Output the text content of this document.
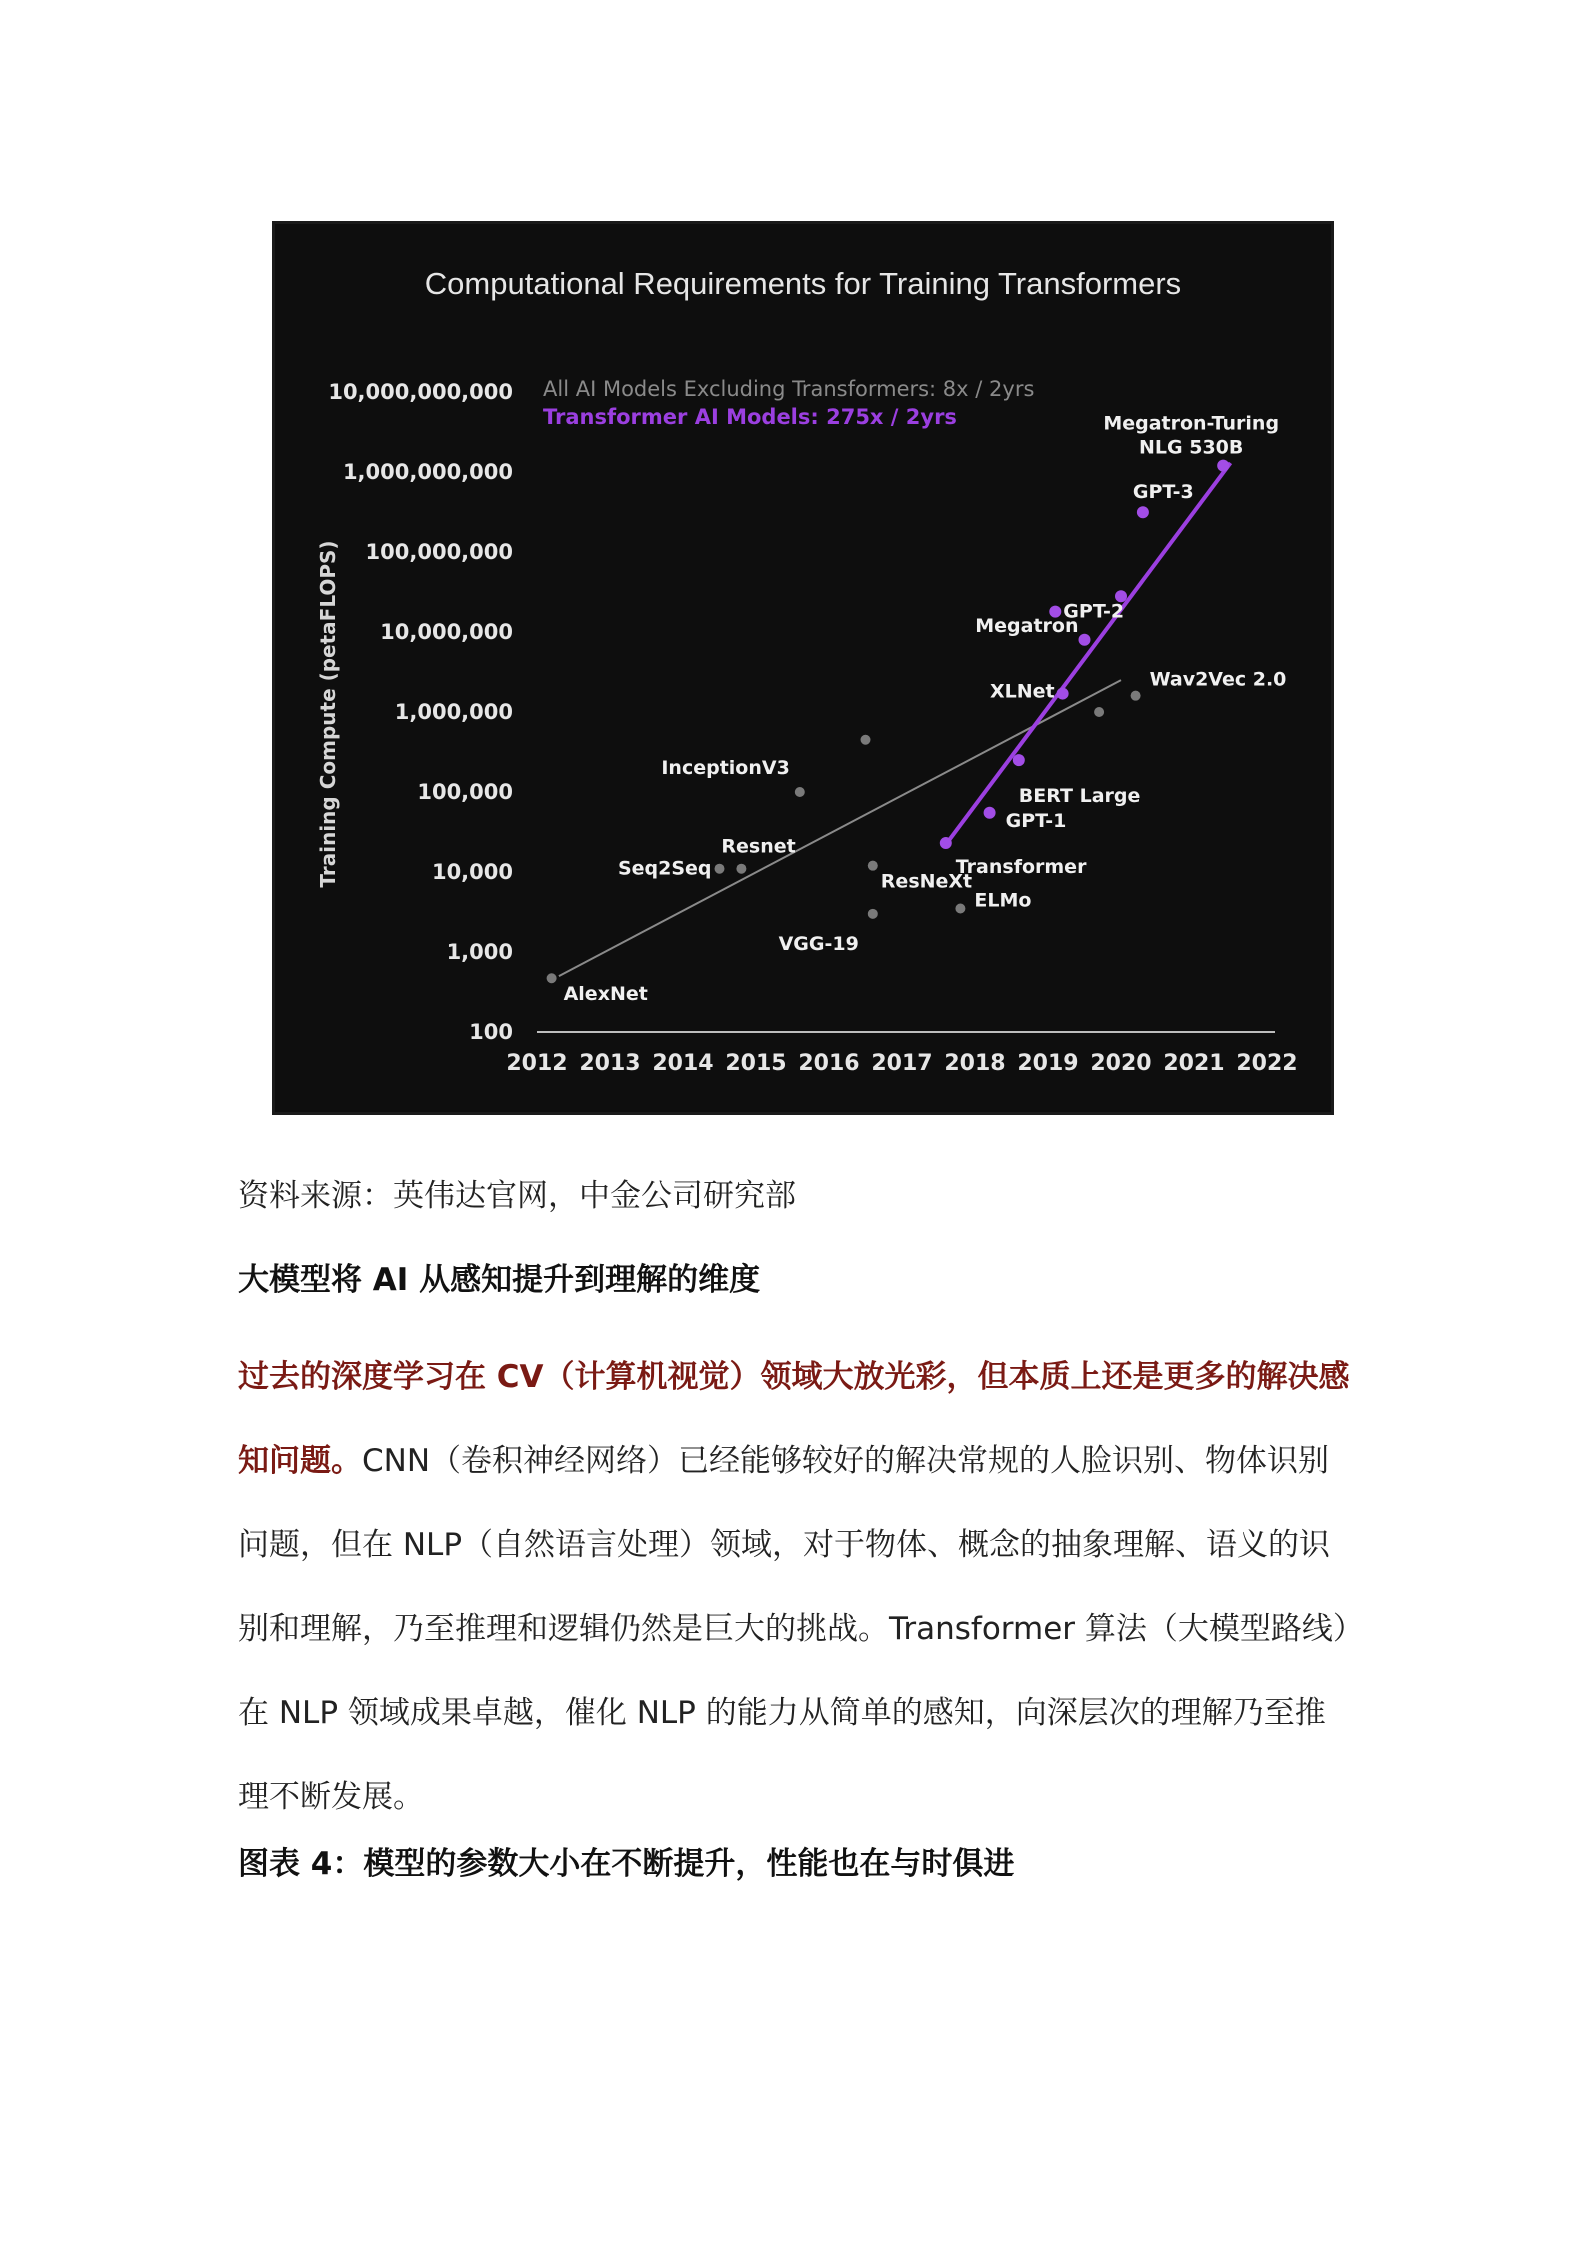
Computational Requirements for Training Transformers
Training Compute (petaFLOPS)
All AI Models Excluding Transformers: 8x / 2yrs
Transformer AI Models: 275x / 2yrs
10,000,000,000
1,000,000,000
100,000,000
10,000,000
1,000,000
100,000
10,000
1,000
100
2012 2013 2014 2015 2016 2017 2018 2019 2020 2021 2022
AlexNet
Seq2Seq
Resnet
InceptionV3
VGG-19
ResNeXt
ELMo
Wav2Vec 2.0
Transformer
GPT-1
BERT Large
XLNet
Megatron
GPT-2
GPT-3
Megatron-Turing NLG 530B
资料来源：英伟达官网，中金公司研究部
大模型将 AI 从感知提升到理解的维度
过去的深度学习在 CV（计算机视觉）领域大放光彩，但本质上还是更多的解决感知问题。CNN（卷积神经网络）已经能够较好的解决常规的人脸识别、物体识别问题，但在 NLP（自然语言处理）领域，对于物体、概念的抽象理解、语义的识别和理解，乃至推理和逻辑仍然是巨大的挑战。Transformer 算法（大模型路线）在 NLP 领域成果卓越，催化 NLP 的能力从简单的感知，向深层次的理解乃至推理不断发展。
图表 4：模型的参数大小在不断提升，性能也在与时俱进
